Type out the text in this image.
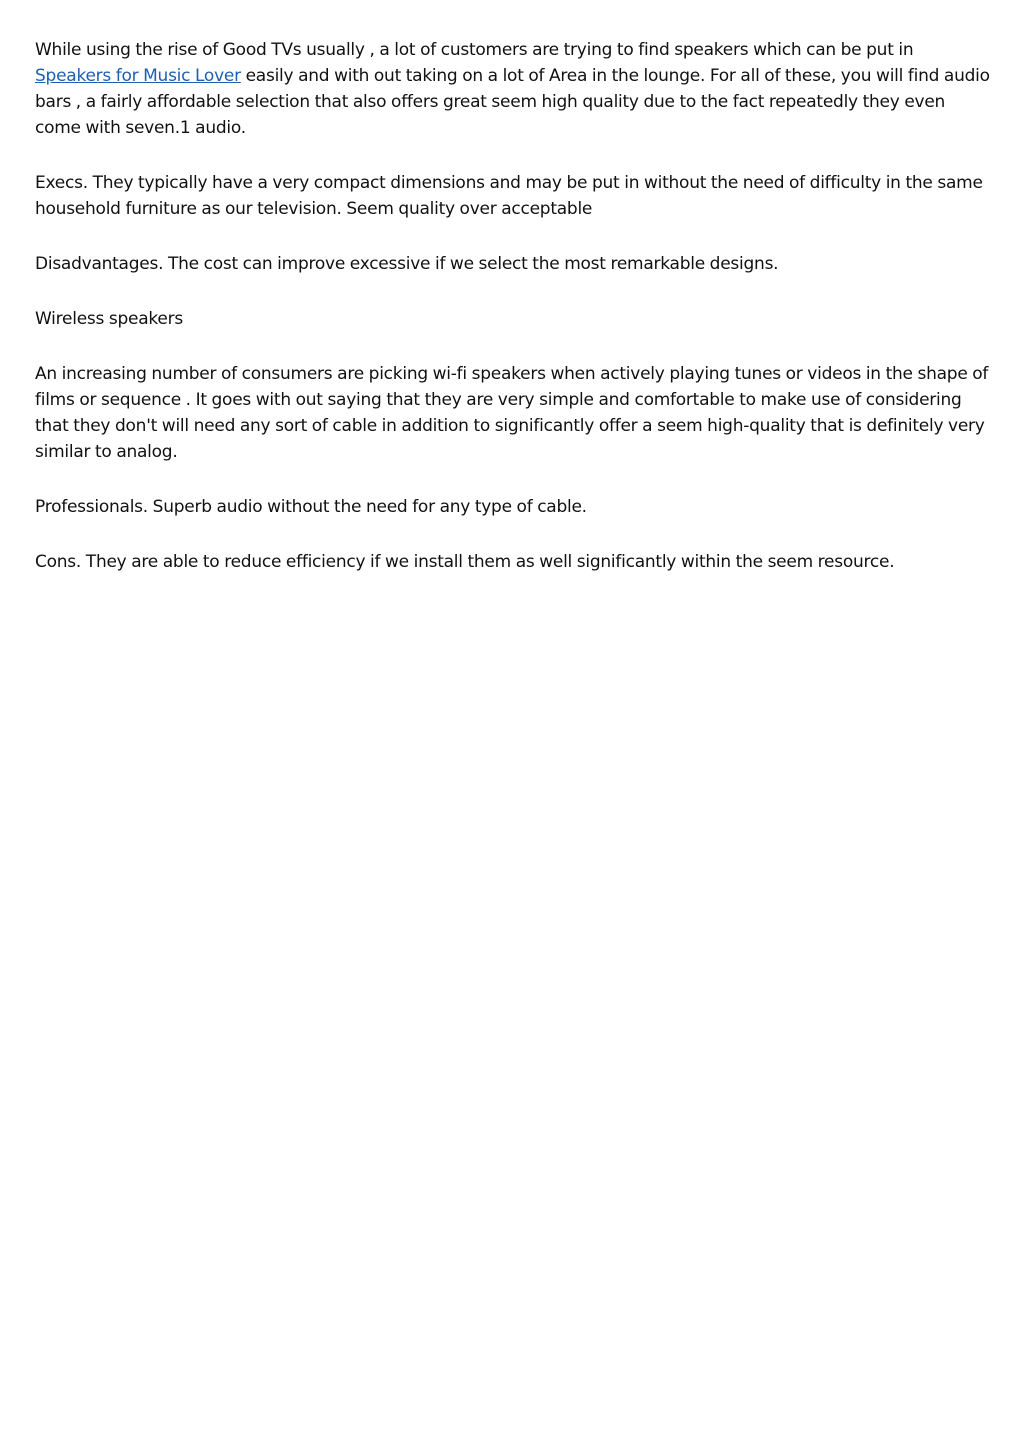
While using the rise of Good TVs usually , a lot of customers are trying to find speakers which can be put in Speakers for Music Lover easily and with out taking on a lot of Area in the lounge. For all of these, you will find audio bars , a fairly affordable selection that also offers great seem high quality due to the fact repeatedly they even come with seven.1 audio.

Execs. They typically have a very compact dimensions and may be put in without the need of difficulty in the same household furniture as our television. Seem quality over acceptable

Disadvantages. The cost can improve excessive if we select the most remarkable designs.

Wireless speakers

An increasing number of consumers are picking wi-fi speakers when actively playing tunes or videos in the shape of films or sequence . It goes with out saying that they are very simple and comfortable to make use of considering that they don't will need any sort of cable in addition to significantly offer a seem high-quality that is definitely very similar to analog.

Professionals. Superb audio without the need for any type of cable.

Cons. They are able to reduce efficiency if we install them as well significantly within the seem resource.
